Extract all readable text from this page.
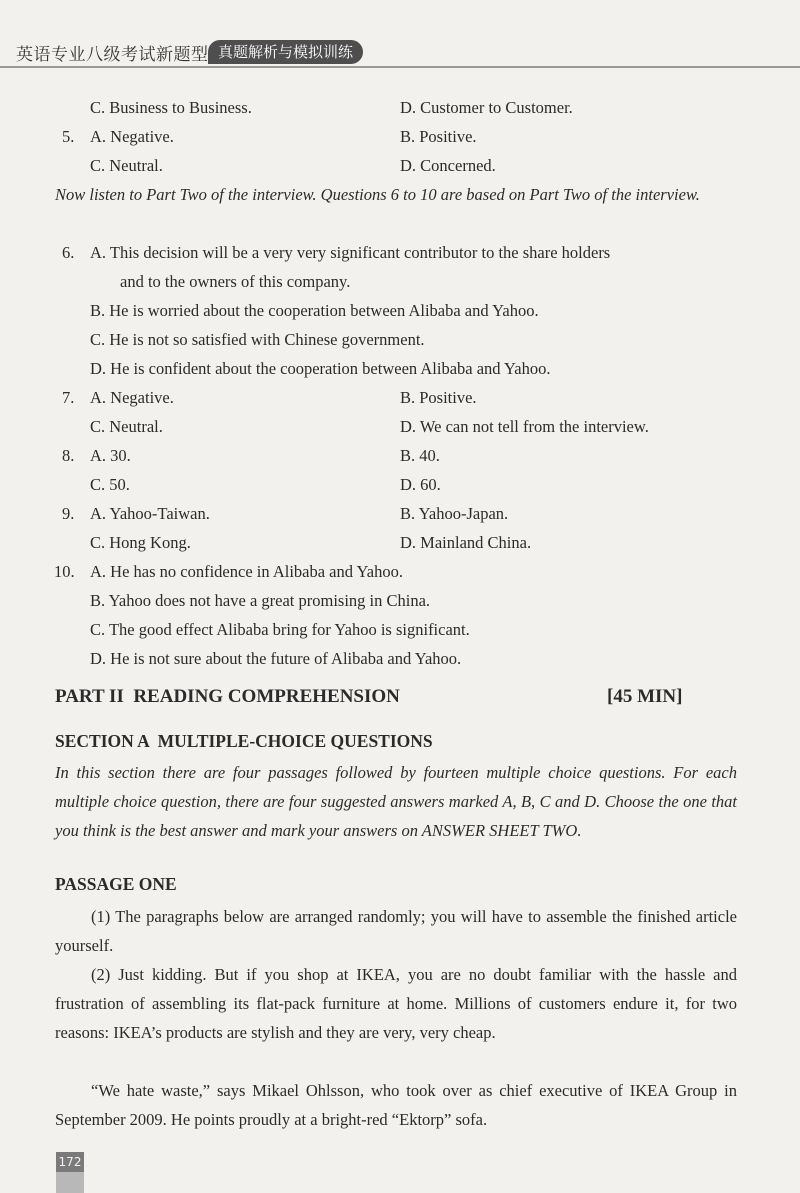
英语专业八级考试新题型 真题解析与模拟训练
C. Business to Business.	D. Customer to Customer.
5. A. Negative.	B. Positive.
C. Neutral.	D. Concerned.
Now listen to Part Two of the interview. Questions 6 to 10 are based on Part Two of the interview.
6. A. This decision will be a very very significant contributor to the share holders
and to the owners of this company.
B. He is worried about the cooperation between Alibaba and Yahoo.
C. He is not so satisfied with Chinese government.
D. He is confident about the cooperation between Alibaba and Yahoo.
7. A. Negative.	B. Positive.
C. Neutral.	D. We can not tell from the interview.
8. A. 30.	B. 40.
C. 50.	D. 60.
9. A. Yahoo-Taiwan.	B. Yahoo-Japan.
C. Hong Kong.	D. Mainland China.
10. A. He has no confidence in Alibaba and Yahoo.
B. Yahoo does not have a great promising in China.
C. The good effect Alibaba bring for Yahoo is significant.
D. He is not sure about the future of Alibaba and Yahoo.
PART II  READING COMPREHENSION	[45 MIN]
SECTION A  MULTIPLE-CHOICE QUESTIONS
In this section there are four passages followed by fourteen multiple choice questions. For each multiple choice question, there are four suggested answers marked A, B, C and D. Choose the one that you think is the best answer and mark your answers on ANSWER SHEET TWO.
PASSAGE ONE
(1) The paragraphs below are arranged randomly; you will have to assemble the finished article yourself.
(2) Just kidding. But if you shop at IKEA, you are no doubt familiar with the hassle and frustration of assembling its flat-pack furniture at home. Millions of customers endure it, for two reasons: IKEA’s products are stylish and they are very, very cheap.
“We hate waste,” says Mikael Ohlsson, who took over as chief executive of IKEA Group in September 2009. He points proudly at a bright-red “Ektorp” sofa.
172
